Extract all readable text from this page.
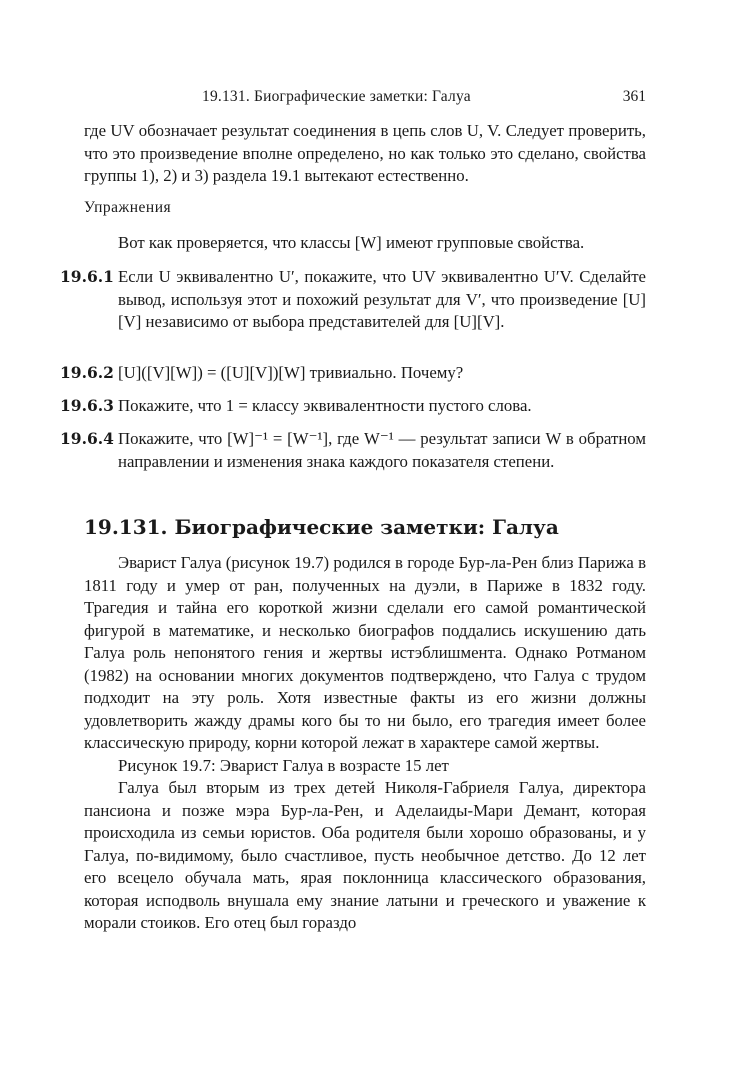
19.131. Биографические заметки: Галуа	361

где UV обозначает результат соединения в цепь слов U, V. Следует проверить, что это произведение вполне определено, но как только это сделано, свойства группы 1), 2) и 3) раздела 19.1 вытекают естественно.

Упражнения

Вот как проверяется, что классы [W] имеют групповые свойства.

19.6.1 Если U эквивалентно U′, покажите, что UV эквивалентно U′V. Сделайте вывод, используя этот и похожий результат для V′, что произведение [U][V] независимо от выбора представителей для [U][V].
19.6.2 [U]([V][W]) = ([U][V])[W] тривиально. Почему?
19.6.3 Покажите, что 1 = классу эквивалентности пустого слова.
19.6.4 Покажите, что [W]⁻¹ = [W⁻¹], где W⁻¹ — результат записи W в обратном направлении и изменения знака каждого показателя степени.
19.131. Биографические заметки: Галуа

Эварист Галуа (рисунок 19.7) родился в городе Бур-ла-Рен близ Парижа в 1811 году и умер от ран, полученных на дуэли, в Париже в 1832 году. Трагедия и тайна его короткой жизни сделали его самой романтической фигурой в математике, и несколько биографов поддались искушению дать Галуа роль непонятого гения и жертвы истэблишмента. Однако Ротманом (1982) на основании многих документов подтверждено, что Галуа с трудом подходит на эту роль. Хотя известные факты из его жизни должны удовлетворить жажду драмы кого бы то ни было, его трагедия имеет более классическую природу, корни которой лежат в характере самой жертвы.

Рисунок 19.7: Эварист Галуа в возрасте 15 лет

Галуа был вторым из трех детей Николя-Габриеля Галуа, директора пансиона и позже мэра Бур-ла-Рен, и Аделаиды-Мари Демант, которая происходила из семьи юристов. Оба родителя были хорошо образованы, и у Галуа, по-видимому, было счастливое, пусть необычное детство. До 12 лет его всецело обучала мать, ярая поклонница классического образования, которая исподволь внушала ему знание латыни и греческого и уважение к морали стоиков. Его отец был гораздо
